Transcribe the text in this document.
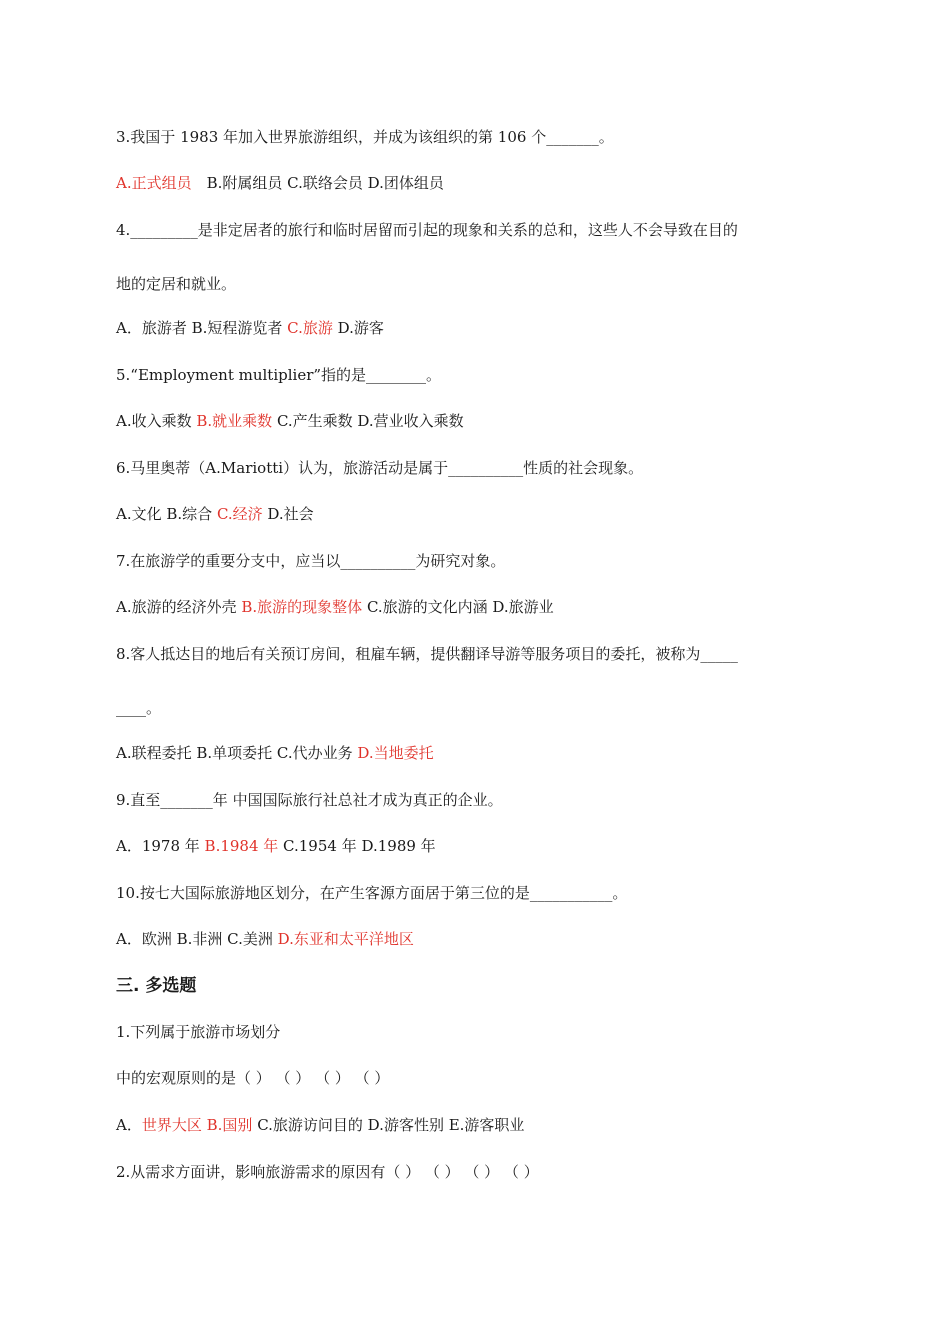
3.我国于 1983 年加入世界旅游组织，并成为该组织的第 106 个_______。
A.正式组员　B.附属组员 C.联络会员 D.团体组员
4._________是非定居者的旅行和临时居留而引起的现象和关系的总和，这些人不会导致在目的
地的定居和就业。
A．旅游者 B.短程游览者 C.旅游 D.游客
5.“Employment multiplier”指的是________。
A.收入乘数 B.就业乘数 C.产生乘数 D.营业收入乘数
6.马里奥蒂（A.Mariotti）认为，旅游活动是属于__________性质的社会现象。
A.文化 B.综合 C.经济 D.社会
7.在旅游学的重要分支中，应当以__________为研究对象。
A.旅游的经济外壳 B.旅游的现象整体 C.旅游的文化内涵 D.旅游业
8.客人抵达目的地后有关预订房间，租雇车辆，提供翻译导游等服务项目的委托，被称为_____
____。
A.联程委托 B.单项委托 C.代办业务 D.当地委托
9.直至_______年 中国国际旅行社总社才成为真正的企业。
A．1978 年 B.1984 年 C.1954 年 D.1989 年
10.按七大国际旅游地区划分，在产生客源方面居于第三位的是___________。
A．欧洲 B.非洲 C.美洲 D.东亚和太平洋地区
三. 多选题
1.下列属于旅游市场划分
中的宏观原则的是（ ） （ ） （ ） （ ）
A．世界大区 B.国别 C.旅游访问目的 D.游客性别 E.游客职业
2.从需求方面讲，影响旅游需求的原因有（ ） （ ） （ ） （ ）
